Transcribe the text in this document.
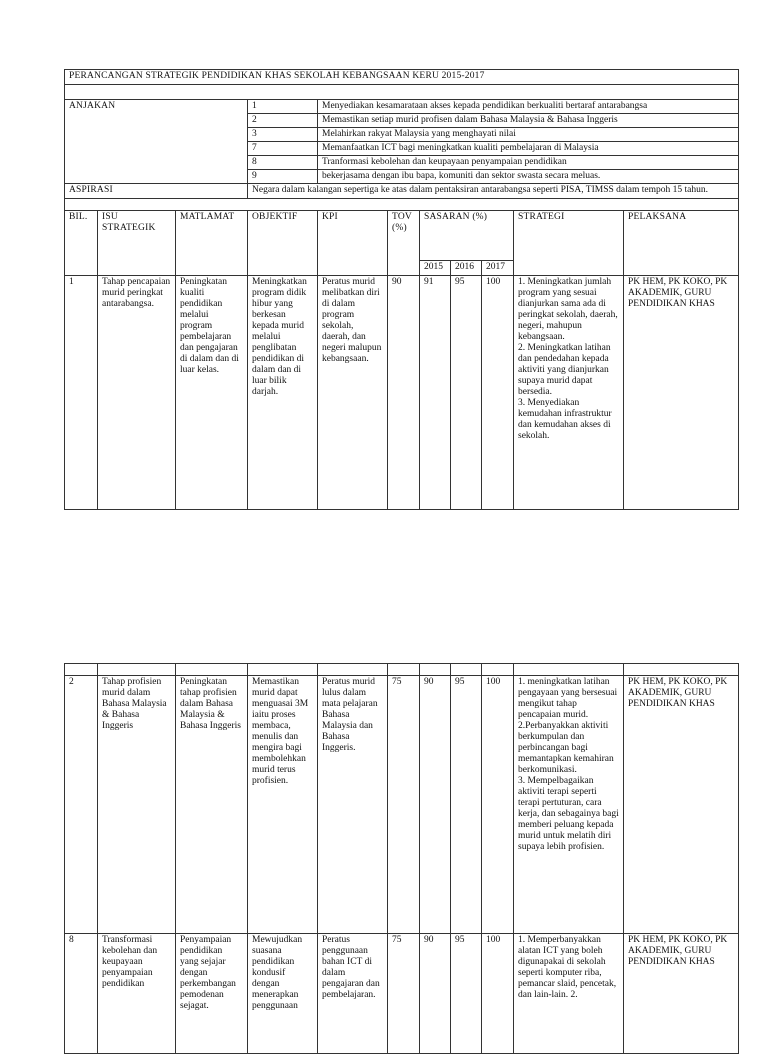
PERANCANGAN STRATEGIK PENDIDIKAN KHAS SEKOLAH KEBANGSAAN KERU 2015-2017										

ANJAKAN			1	Menyediakan kesamarataan akses kepada pendidikan berkualiti bertaraf antarabangsa						
			2	Memastikan setiap murid profisen dalam Bahasa Malaysia & Bahasa Inggeris						
			3	Melahirkan rakyat Malaysia yang menghayati nilai						
			7	Memanfaatkan ICT bagi meningkatkan kualiti pembelajaran di Malaysia						
			8	Tranformasi kebolehan dan keupayaan penyampaian pendidikan						
			9	bekerjasama dengan ibu bapa, komuniti dan sektor swasta secara meluas.						
ASPIRASI			Negara dalam kalangan sepertiga ke atas dalam pentaksiran antarabangsa seperti PISA, TIMSS dalam tempoh 15 tahun.							

BIL.	ISU STRATEGIK	MATLAMAT	OBJEKTIF	KPI	TOV (%)	SASARAN (%)			STRATEGI	PELAKSANA
						2015	2016	2017		
1	Tahap pencapaian murid peringkat antarabangsa.	Peningkatan kualiti pendidikan melalui program pembelajaran dan pengajaran di dalam dan di luar kelas.	Meningkatkan program didik hibur yang berkesan kepada murid melalui penglibatan pendidikan di dalam dan di luar bilik darjah.	Peratus murid melibatkan diri di dalam program sekolah, daerah, dan negeri malupun kebangsaan.	90	91	95	100	1. Meningkatkan jumlah program yang sesuai dianjurkan sama ada di peringkat sekolah, daerah, negeri, mahupun kebangsaan.
2. Meningkatkan latihan dan pendedahan kepada aktiviti yang dianjurkan supaya murid dapat bersedia.
3. Menyediakan kemudahan infrastruktur dan kemudahan akses di sekolah.	PK HEM, PK KOKO, PK AKADEMIK, GURU PENDIDIKAN KHAS

2	Tahap profisien murid dalam Bahasa Malaysia & Bahasa Inggeris	Peningkatan tahap profisien dalam Bahasa Malaysia & Bahasa Inggeris	Memastikan murid dapat menguasai 3M iaitu proses membaca, menulis dan mengira bagi membolehkan murid terus profisien.	Peratus murid lulus dalam mata pelajaran Bahasa Malaysia dan Bahasa Inggeris.	75	90	95	100	1. meningkatkan latihan pengayaan yang bersesuai mengikut tahap pencapaian murid.
2.Perbanyakkan aktiviti berkumpulan dan perbincangan bagi memantapkan kemahiran berkomunikasi.
3. Mempelbagaikan aktiviti terapi seperti terapi pertuturan, cara kerja, dan sebagainya bagi memberi peluang kepada murid untuk melatih diri supaya lebih profisien.	PK HEM, PK KOKO, PK AKADEMIK, GURU PENDIDIKAN KHAS
8	Transformasi kebolehan dan keupayaan penyampaian pendidikan	Penyampaian pendidikan yang sejajar dengan perkembangan pemodenan sejagat.	Mewujudkan suasana pendidikan kondusif dengan menerapkan penggunaan	Peratus penggunaan bahan ICT di dalam pengajaran dan pembelajaran.	75	90	95	100	1. Memperbanyakkan alatan ICT yang boleh digunapakai di sekolah seperti komputer riba, pemancar slaid, pencetak, dan lain-lain. 2.	PK HEM, PK KOKO, PK AKADEMIK, GURU PENDIDIKAN KHAS
